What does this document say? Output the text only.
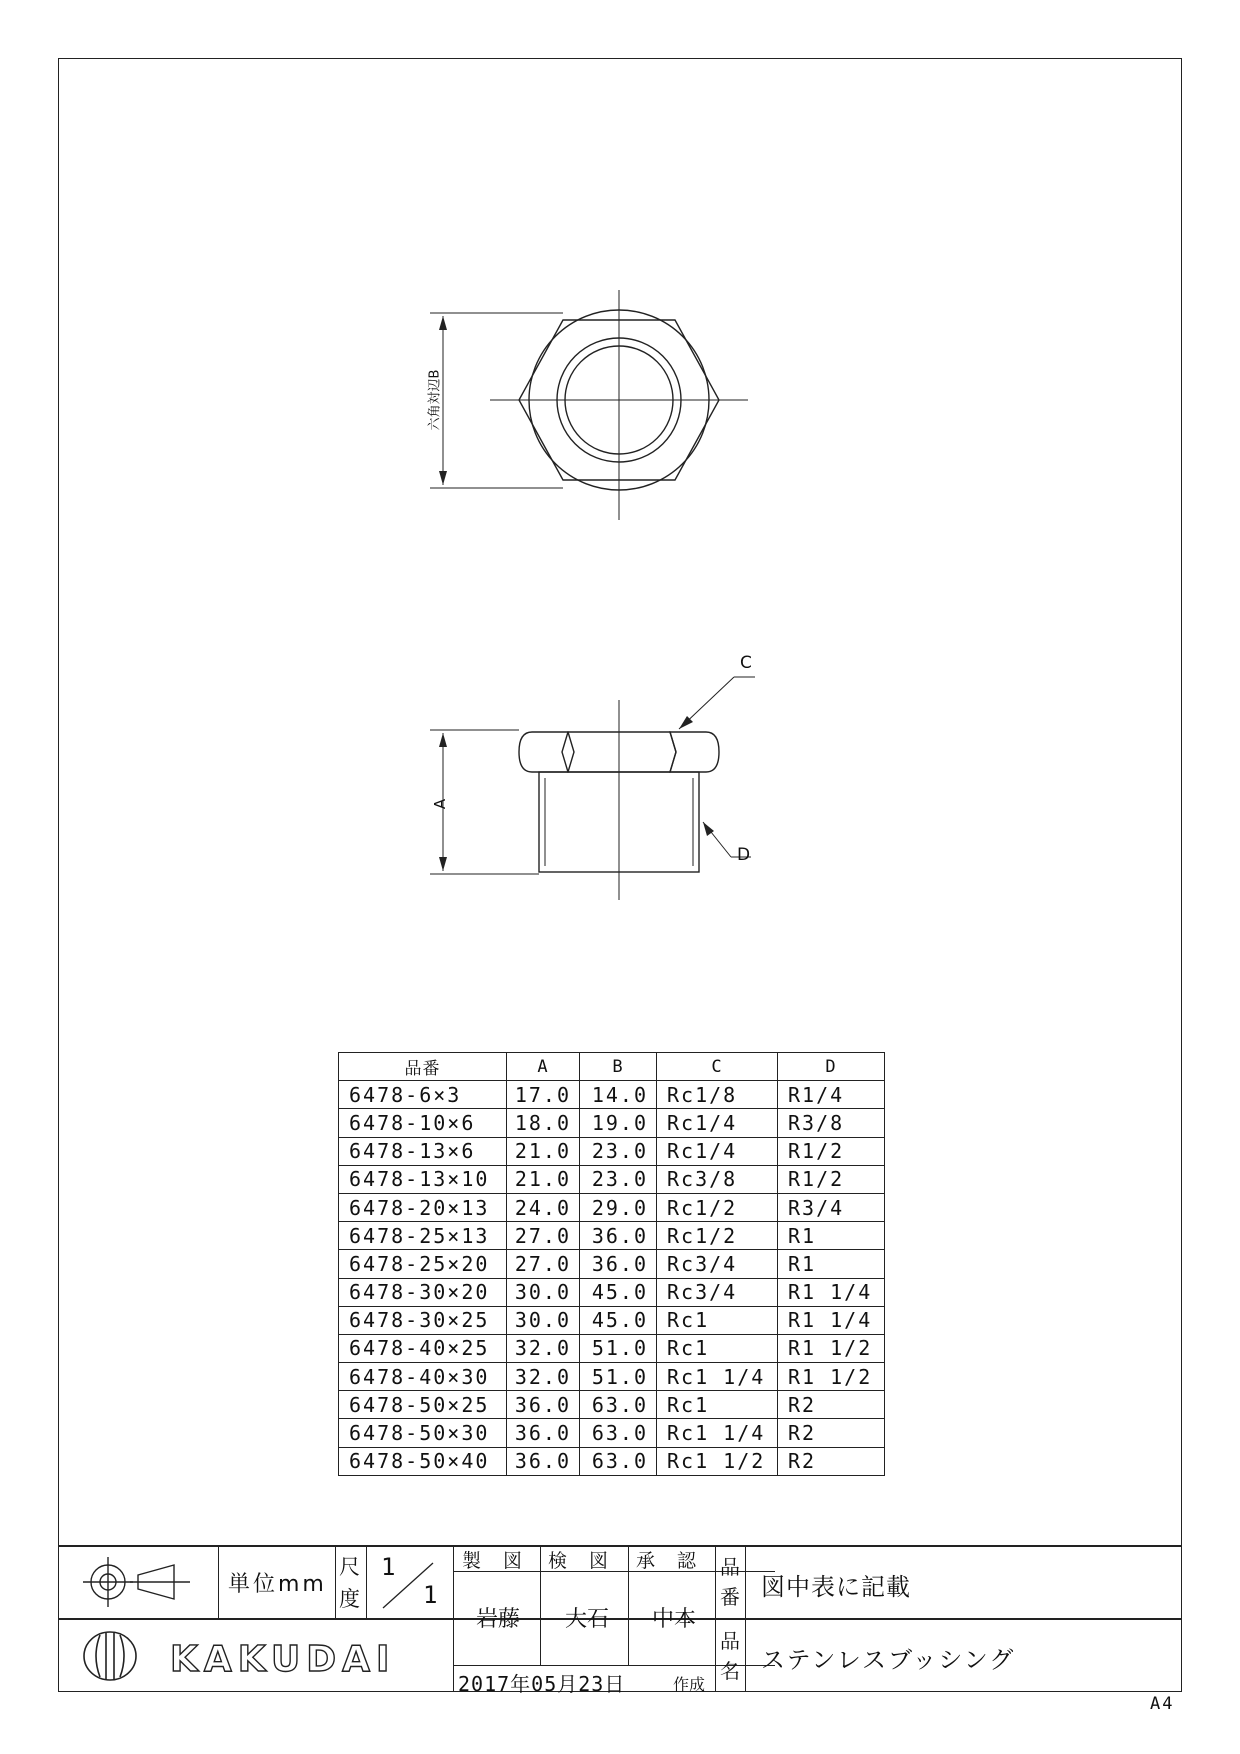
六角対辺B
A
C
D
品番	A	B	C	D
6478-6×3	17.0	14.0	Rc1/8	R1/4
6478-10×6	18.0	19.0	Rc1/4	R3/8
6478-13×6	21.0	23.0	Rc1/4	R1/2
6478-13×10	21.0	23.0	Rc3/8	R1/2
6478-20×13	24.0	29.0	Rc1/2	R3/4
6478-25×13	27.0	36.0	Rc1/2	R1
6478-25×20	27.0	36.0	Rc3/4	R1
6478-30×20	30.0	45.0	Rc3/4	R1 1/4
6478-30×25	30.0	45.0	Rc1	R1 1/4
6478-40×25	32.0	51.0	Rc1	R1 1/2
6478-40×30	32.0	51.0	Rc1 1/4	R1 1/2
6478-50×25	36.0	63.0	Rc1	R2
6478-50×30	36.0	63.0	Rc1 1/4	R2
6478-50×40	36.0	63.0	Rc1 1/2	R2
単位mm
尺
度
1
1
製 図 検 図 承 認
岩藤 大石 中本
2017年05月23日	作成
品
番 図中表に記載
品
名 ステンレスブッシング
KAKUDAI
A4
